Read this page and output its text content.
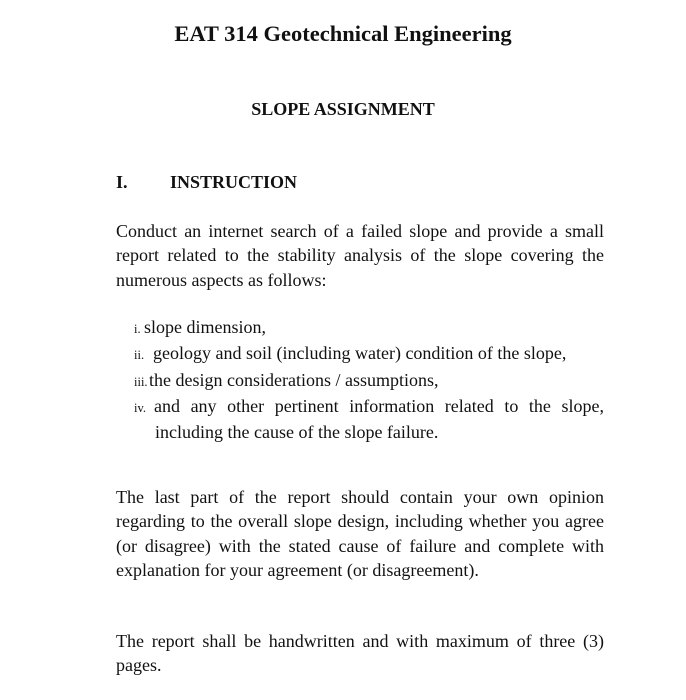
EAT 314 Geotechnical Engineering
SLOPE ASSIGNMENT
I. INSTRUCTION

Conduct an internet search of a failed slope and provide a small report related to the stability analysis of the slope covering the numerous aspects as follows:

i. slope dimension,
ii. geology and soil (including water) condition of the slope,
iii.the design considerations / assumptions,
iv. and any other pertinent information related to the slope, including the cause of the slope failure.

The last part of the report should contain your own opinion regarding to the overall slope design, including whether you agree (or disagree) with the stated cause of failure and complete with explanation for your agreement (or disagreement).

The report shall be handwritten and with maximum of three (3) pages.
